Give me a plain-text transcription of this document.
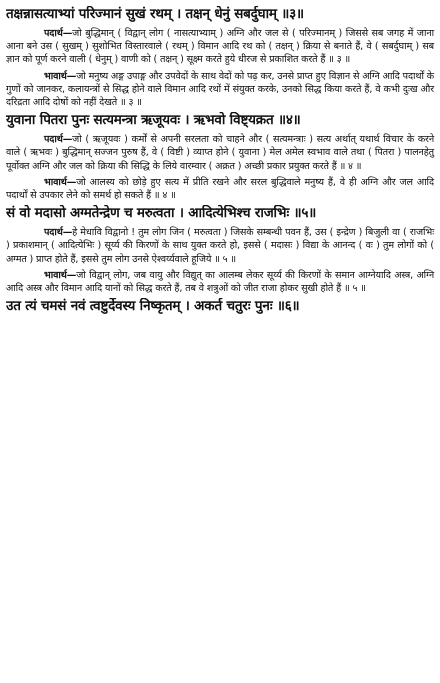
तक्षन्नासत्याभ्यां परिज्मानं सुखं रथम् । तक्षन् धेनुं सबर्दुघाम् ॥३॥

पदार्थ—जो बुद्धिमान् ( विद्वान् लोग ( नासत्याभ्याम् ) अग्नि और जल से ( परिज्मानम् ) जिससे सब जगह में जाना आना बने उस ( सुखम् ) सुशोभित विस्तारवाले ( रथम् ) विमान आदि रथ को ( तक्षन् ) क्रिया से बनाते हैं, वे ( सबर्दुघाम् ) सब ज्ञान को पूर्ण करने वाली ( धेनुम् ) वाणी को ( तक्षन् ) सूक्ष्म करते हुये धीरज से प्रकाशित करते हैं ॥ ३ ॥

भावार्थ—जो मनुष्य अङ्ग उपाङ्ग और उपवेदों के साथ वेदों को पढ़ कर, उनसे प्राप्त हुए विज्ञान से अग्नि आदि पदार्थों के गुणों को जानकर, कलायन्त्रों से सिद्ध होने वाले विमान आदि रथों में संयुक्त करके, उनको सिद्ध किया करते हैं, वे कभी दुःख और दरिद्रता आदि दोषों को नहीं देखते ॥ ३ ॥

युवाना पितरा पुनः सत्यमन्त्रा ऋजूयवः । ऋभवो विष्ट्यक्रत ॥४॥

पदार्थ—जो ( ऋजूयवः ) कर्मों से अपनी सरलता को चाहने और ( सत्यमन्त्राः ) सत्य अर्थात् यथार्थ विचार के करने वाले ( ऋभवः ) बुद्धिमान् सज्जन पुरुष हैं, वे ( विष्टी ) व्याप्त होने ( युवाना ) मेल अमेल स्वभाव वाले तथा ( पितरा ) पालनहेतु पूर्वोक्त अग्नि और जल को क्रिया की सिद्धि के लिये वारम्वार ( अक्रत ) अच्छी प्रकार प्रयुक्त करते हैं ॥ ४ ॥

भावार्थ—जो आलस्य को छोड़े हुए सत्य में प्रीति रखने और सरल बुद्धिवाले मनुष्य हैं, वे ही अग्नि और जल आदि पदार्थों से उपकार लेने को समर्थ हो सकते हैं ॥ ४ ॥

सं वो मदासो अग्मतेन्द्रेण च मरुत्वता । आदित्येभिश्च राजभिः ॥५॥

पदार्थ—हे मेधावि विद्वानो ! तुम लोग जिन ( मरुत्वता ) जिसके सम्बन्धी पवन हैं, उस ( इन्द्रेण ) बिजुली वा ( राजभिः ) प्रकाशमान् ( आदित्येभिः ) सूर्य्य की किरणों के साथ युक्त करते हो, इससे ( मदासः ) विद्या के आनन्द ( वः ) तुम लोगों को ( अग्मत ) प्राप्त होते हैं, इससे तुम लोग उनसे ऐश्वर्य्यवाले हूजिये ॥ ५ ॥

भावार्थ—जो विद्वान् लोग, जब वायु और विद्युत् का आलम्ब लेकर सूर्य्य की किरणों के समान आग्नेयादि अस्त्र, अग्नि आदि अस्त्र और विमान आदि यानों को सिद्ध करते हैं, तब वे शत्रुओं को जीत राजा होकर सुखी होते हैं ॥ ५ ॥

उत त्यं चमसं नवं त्वष्टुर्देवस्य निष्कृतम् । अकर्त चतुरः पुनः ॥६॥
